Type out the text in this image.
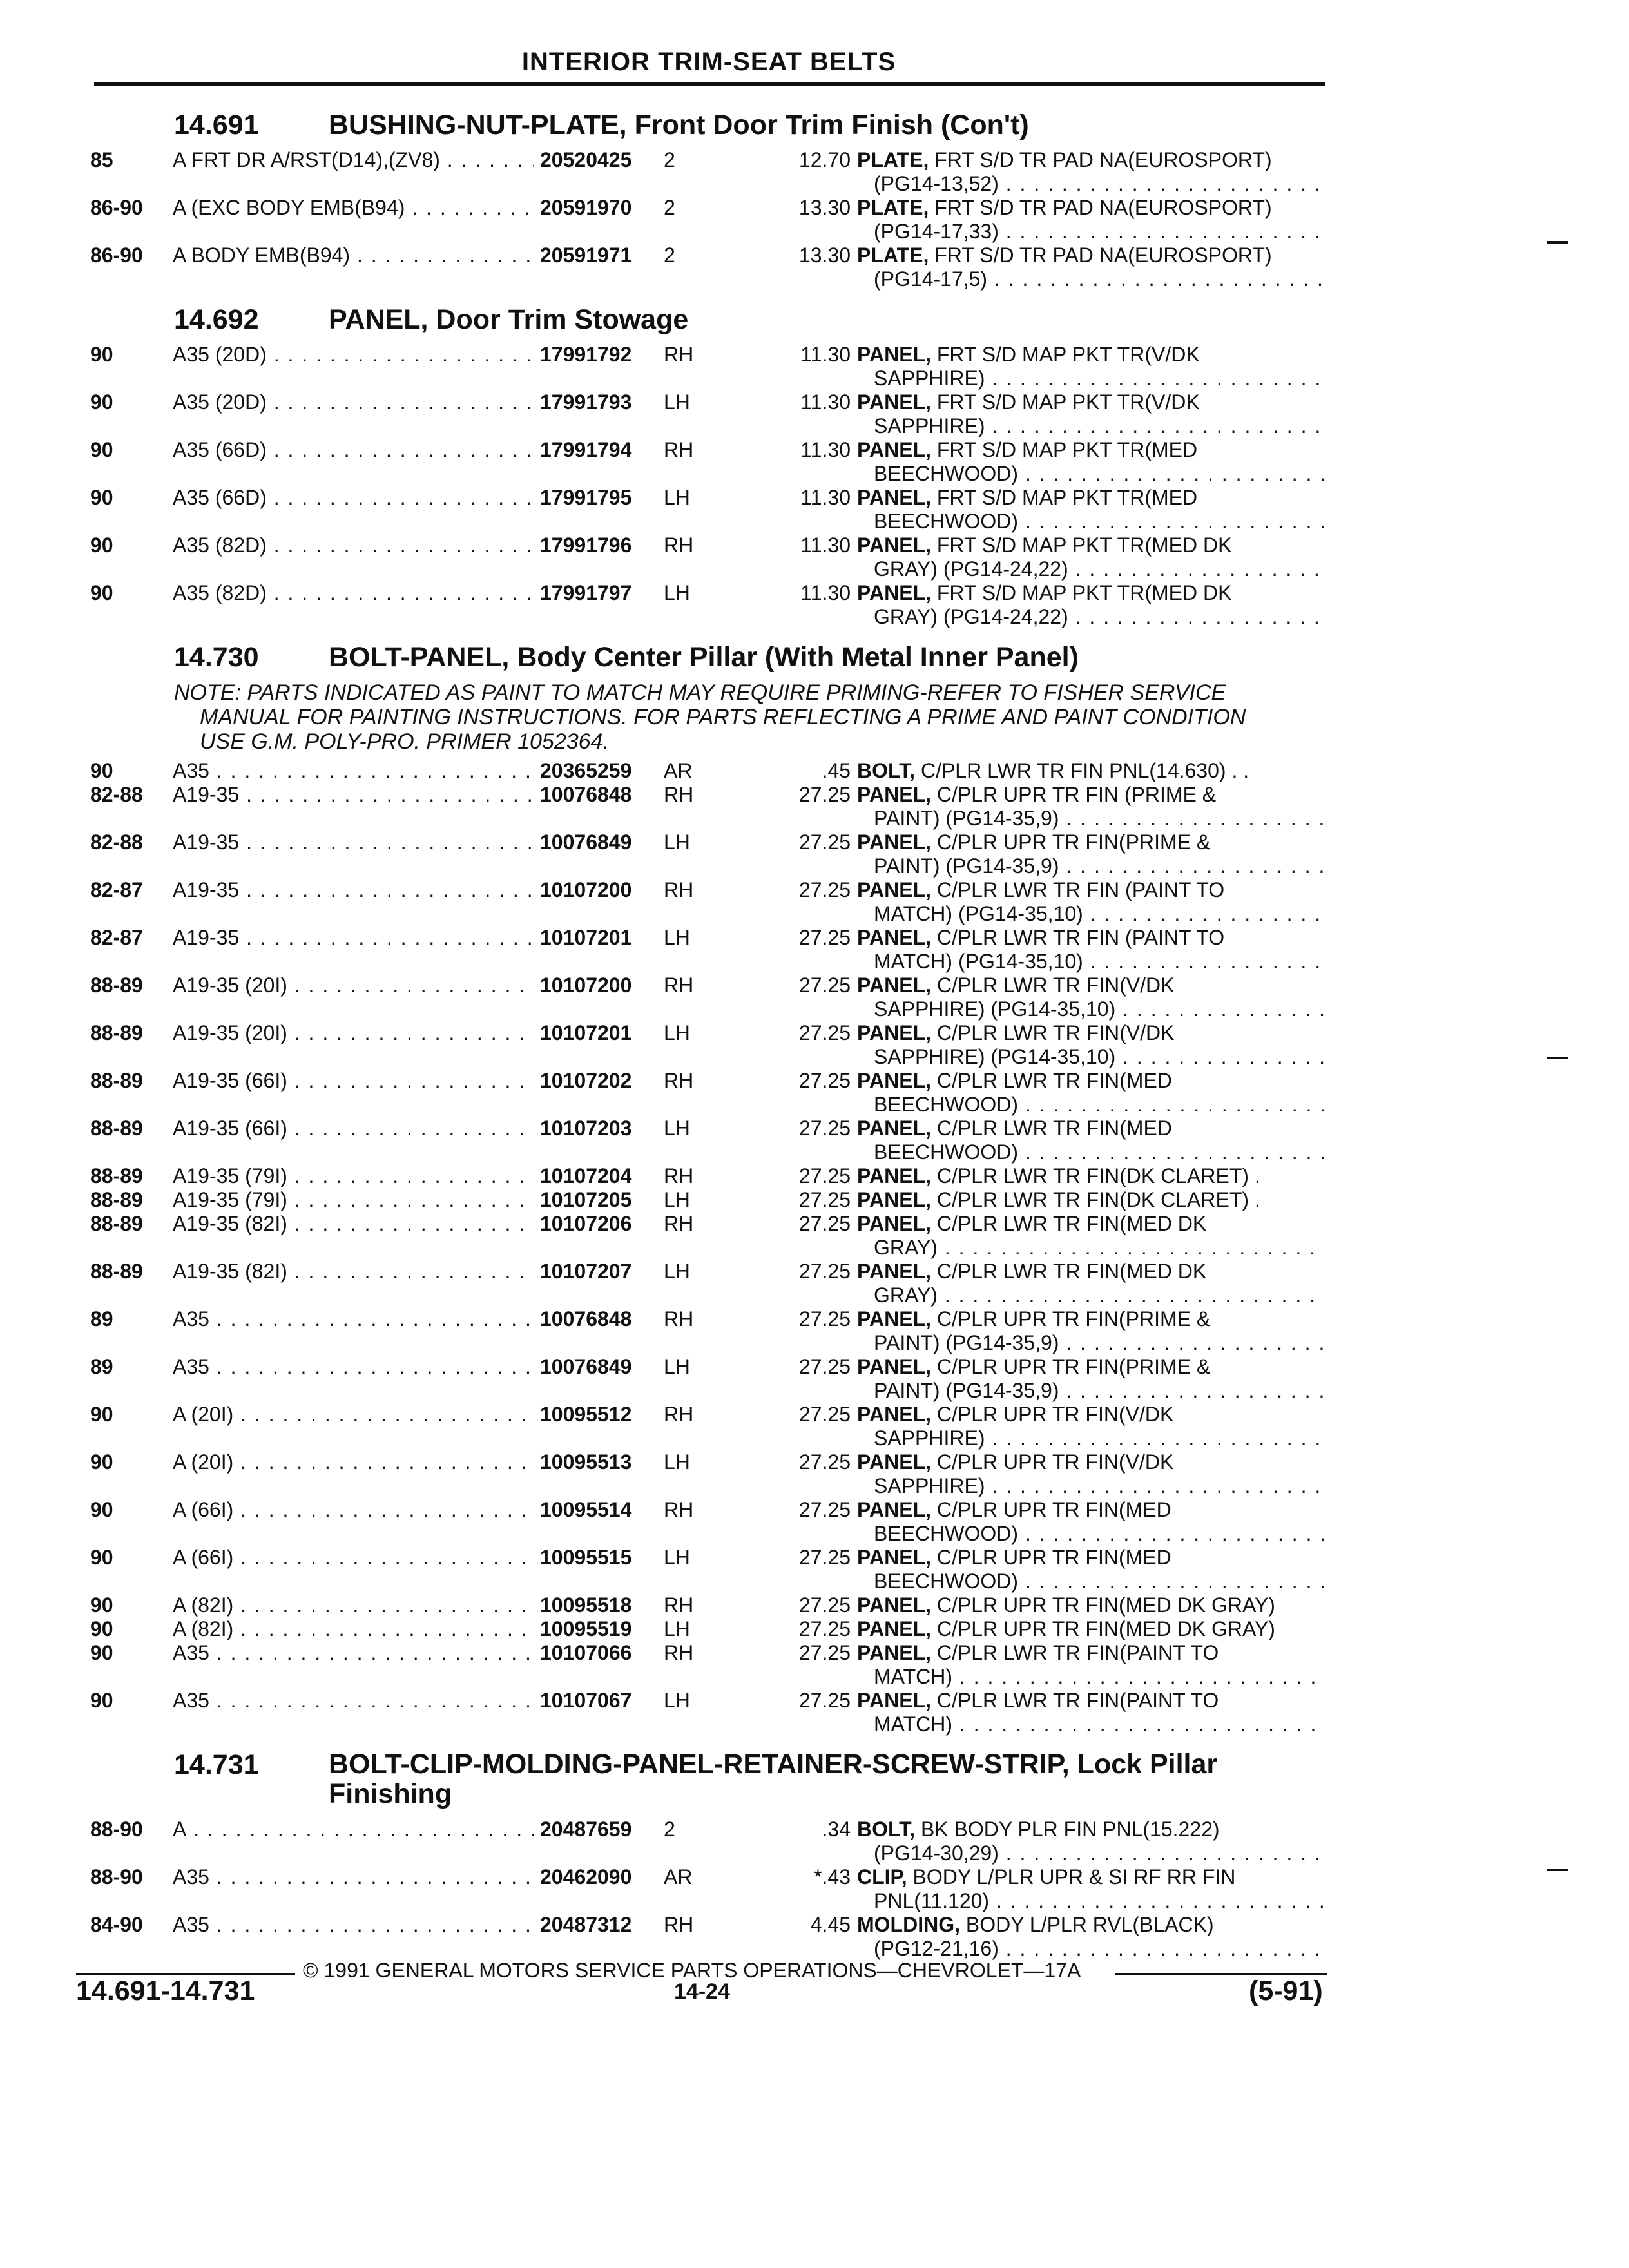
INTERIOR TRIM-SEAT BELTS
14.691	BUSHING-NUT-PLATE, Front Door Trim Finish (Con't)
85	A FRT DR A/RST(D14),(ZV8) . . .	20520425 2	12.70 PLATE, FRT S/D TR PAD NA(EUROSPORT)
(PG14-13,52) . . .
86-90 A (EXC BODY EMB(B94) . . .	20591970 2	13.30 PLATE, FRT S/D TR PAD NA(EUROSPORT)
(PG14-17,33) . . .
86-90 A BODY EMB(B94) . . .	20591971 2	13.30 PLATE, FRT S/D TR PAD NA(EUROSPORT)
(PG14-17,5) . . .
14.692	PANEL, Door Trim Stowage
90	A35 (20D) . . .	17991792 RH	11.30 PANEL, FRT S/D MAP PKT TR(V/DK
SAPPHIRE) . . .
90	A35 (20D) . . .	17991793 LH	11.30 PANEL, FRT S/D MAP PKT TR(V/DK
SAPPHIRE) . . .
90	A35 (66D) . . .	17991794 RH	11.30 PANEL, FRT S/D MAP PKT TR(MED
BEECHWOOD) . . .
90	A35 (66D) . . .	17991795 LH	11.30 PANEL, FRT S/D MAP PKT TR(MED
BEECHWOOD) . . .
90	A35 (82D) . . .	17991796 RH	11.30 PANEL, FRT S/D MAP PKT TR(MED DK
GRAY) (PG14-24,22) . . .
90	A35 (82D) . . .	17991797 LH	11.30 PANEL, FRT S/D MAP PKT TR(MED DK
GRAY) (PG14-24,22) . . .
14.730	BOLT-PANEL, Body Center Pillar (With Metal Inner Panel)
NOTE: PARTS INDICATED AS PAINT TO MATCH MAY REQUIRE PRIMING-REFER TO FISHER SERVICE
MANUAL FOR PAINTING INSTRUCTIONS. FOR PARTS REFLECTING A PRIME AND PAINT CONDITION
USE G.M. POLY-PRO. PRIMER 1052364.
90	A35 . . .	20365259 AR	.45 BOLT, C/PLR LWR TR FIN PNL(14.630) . .
82-88 A19-35 . . .	10076848 RH	27.25 PANEL, C/PLR UPR TR FIN (PRIME &
PAINT) (PG14-35,9) . . .
82-88 A19-35 . . .	10076849 LH	27.25 PANEL, C/PLR UPR TR FIN(PRIME &
PAINT) (PG14-35,9) . . .
82-87 A19-35 . . .	10107200 RH	27.25 PANEL, C/PLR LWR TR FIN (PAINT TO
MATCH) (PG14-35,10) . . .
82-87 A19-35 . . .	10107201 LH	27.25 PANEL, C/PLR LWR TR FIN (PAINT TO
MATCH) (PG14-35,10) . . .
88-89 A19-35 (20I) . . .	10107200 RH	27.25 PANEL, C/PLR LWR TR FIN(V/DK
SAPPHIRE) (PG14-35,10) . . .
88-89 A19-35 (20I) . . .	10107201 LH	27.25 PANEL, C/PLR LWR TR FIN(V/DK
SAPPHIRE) (PG14-35,10) . . .
88-89 A19-35 (66I) . . .	10107202 RH	27.25 PANEL, C/PLR LWR TR FIN(MED
BEECHWOOD) . . .
88-89 A19-35 (66I) . . .	10107203 LH	27.25 PANEL, C/PLR LWR TR FIN(MED
BEECHWOOD) . . .
88-89 A19-35 (79I) . . .	10107204 RH	27.25 PANEL, C/PLR LWR TR FIN(DK CLARET) .
88-89 A19-35 (79I) . . .	10107205 LH	27.25 PANEL, C/PLR LWR TR FIN(DK CLARET) .
88-89 A19-35 (82I) . . .	10107206 RH	27.25 PANEL, C/PLR LWR TR FIN(MED DK
GRAY) . . .
88-89 A19-35 (82I) . . .	10107207 LH	27.25 PANEL, C/PLR LWR TR FIN(MED DK
GRAY) . . .
89	A35 . . .	10076848 RH	27.25 PANEL, C/PLR UPR TR FIN(PRIME &
PAINT) (PG14-35,9) . . .
89	A35 . . .	10076849 LH	27.25 PANEL, C/PLR UPR TR FIN(PRIME &
PAINT) (PG14-35,9) . . .
90	A (20I) . . .	10095512 RH	27.25 PANEL, C/PLR UPR TR FIN(V/DK
SAPPHIRE) . . .
90	A (20I) . . .	10095513 LH	27.25 PANEL, C/PLR UPR TR FIN(V/DK
SAPPHIRE) . . .
90	A (66I) . . .	10095514 RH	27.25 PANEL, C/PLR UPR TR FIN(MED
BEECHWOOD) . . .
90	A (66I) . . .	10095515 LH	27.25 PANEL, C/PLR UPR TR FIN(MED
BEECHWOOD) . . .
90	A (82I) . . .	10095518 RH	27.25 PANEL, C/PLR UPR TR FIN(MED DK GRAY)
90	A (82I) . . .	10095519 LH	27.25 PANEL, C/PLR UPR TR FIN(MED DK GRAY)
90	A35 . . .	10107066 RH	27.25 PANEL, C/PLR LWR TR FIN(PAINT TO
MATCH) . . .
90	A35 . . .	10107067 LH	27.25 PANEL, C/PLR LWR TR FIN(PAINT TO
MATCH) . . .
14.731	BOLT-CLIP-MOLDING-PANEL-RETAINER-SCREW-STRIP, Lock Pillar Finishing
88-90 A . . .	20487659 2	.34 BOLT, BK BODY PLR FIN PNL(15.222)
(PG14-30,29) . . .
88-90 A35 . . .	20462090 AR	*.43 CLIP, BODY L/PLR UPR & SI RF RR FIN
PNL(11.120) . . .
84-90 A35 . . .	20487312 RH	4.45 MOLDING, BODY L/PLR RVL(BLACK)
(PG12-21,16) . . .
© 1991 GENERAL MOTORS SERVICE PARTS OPERATIONS—CHEVROLET—17A
14.691-14.731	14-24	(5-91)
